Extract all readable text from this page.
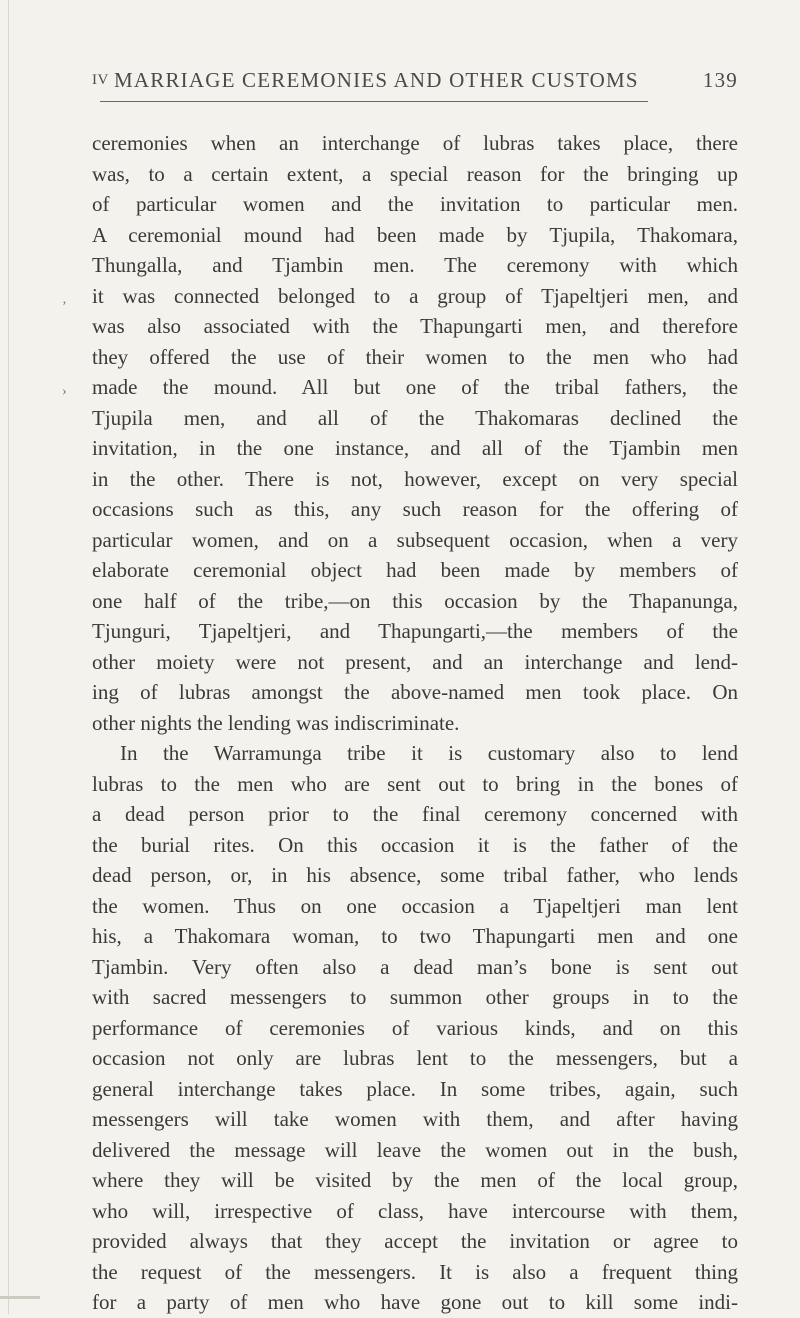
IV MARRIAGE CEREMONIES AND OTHER CUSTOMS	139
‚
›
ceremonies when an interchange of lubras takes place, there
was, to a certain extent, a special reason for the bringing up
of particular women and the invitation to particular men.
A ceremonial mound had been made by Tjupila, Thakomara,
Thungalla, and Tjambin men. The ceremony with which
it was connected belonged to a group of Tjapeltjeri men, and
was also associated with the Thapungarti men, and therefore
they offered the use of their women to the men who had
made the mound. All but one of the tribal fathers, the
Tjupila men, and all of the Thakomaras declined the
invitation, in the one instance, and all of the Tjambin men
in the other. There is not, however, except on very special
occasions such as this, any such reason for the offering of
particular women, and on a subsequent occasion, when a very
elaborate ceremonial object had been made by members of
one half of the tribe,—on this occasion by the Thapanunga,
Tjunguri, Tjapeltjeri, and Thapungarti,—the members of the
other moiety were not present, and an interchange and lend-
ing of lubras amongst the above-named men took place. On
other nights the lending was indiscriminate.
In the Warramunga tribe it is customary also to lend
lubras to the men who are sent out to bring in the bones of
a dead person prior to the final ceremony concerned with
the burial rites. On this occasion it is the father of the
dead person, or, in his absence, some tribal father, who lends
the women. Thus on one occasion a Tjapeltjeri man lent
his, a Thakomara woman, to two Thapungarti men and one
Tjambin. Very often also a dead man’s bone is sent out
with sacred messengers to summon other groups in to the
performance of ceremonies of various kinds, and on this
occasion not only are lubras lent to the messengers, but a
general interchange takes place. In some tribes, again, such
messengers will take women with them, and after having
delivered the message will leave the women out in the bush,
where they will be visited by the men of the local group,
who will, irrespective of class, have intercourse with them,
provided always that they accept the invitation or agree to
the request of the messengers. It is also a frequent thing
for a party of men who have gone out to kill some indi-
